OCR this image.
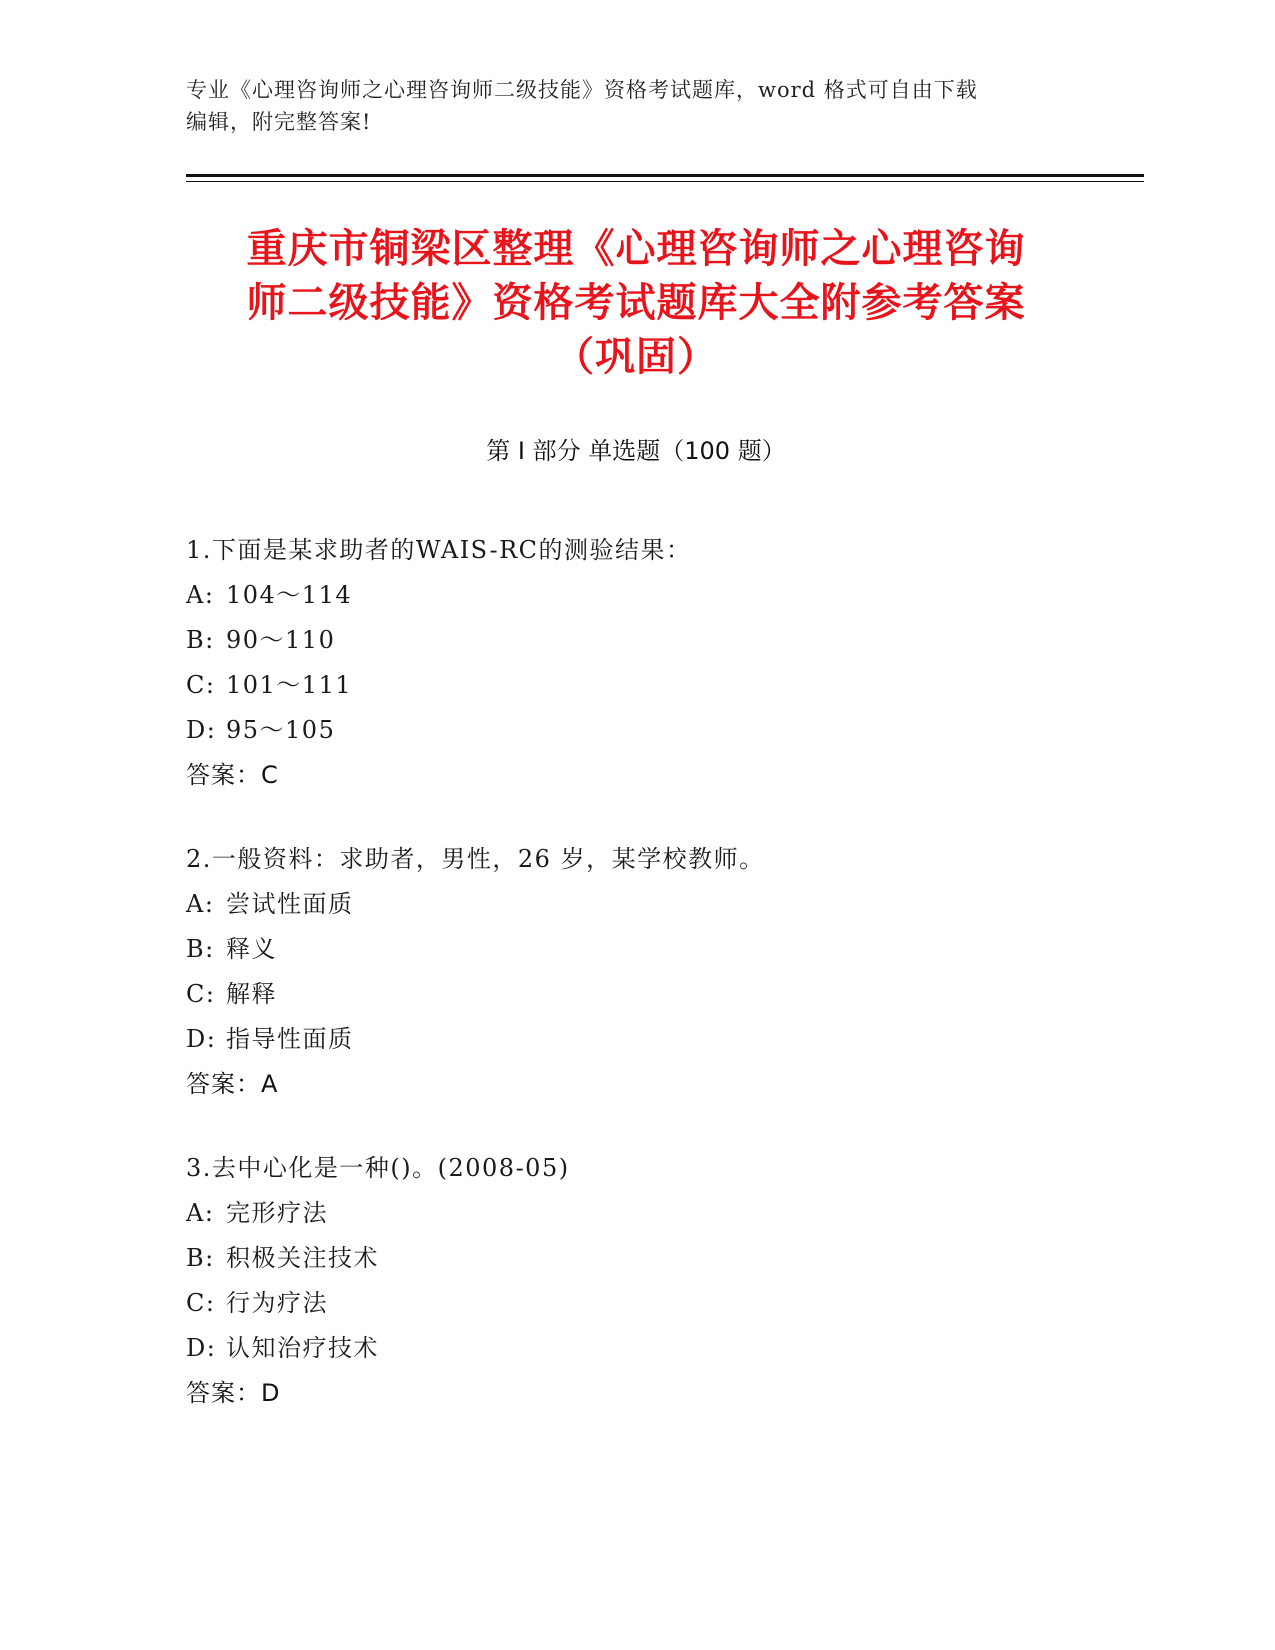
专业《心理咨询师之心理咨询师二级技能》资格考试题库，word 格式可自由下载
编辑，附完整答案!
重庆市铜梁区整理《心理咨询师之心理咨询
师二级技能》资格考试题库大全附参考答案
（巩固）
第 I 部分 单选题（100 题）
1.下面是某求助者的WAIS-RC的测验结果：
A: 104～114
B: 90～110
C: 101～111
D: 95～105
答案：C
2.一般资料：求助者，男性，26 岁，某学校教师。
A: 尝试性面质
B: 释义
C: 解释
D: 指导性面质
答案：A
3.去中心化是一种()。(2008-05)
A: 完形疗法
B: 积极关注技术
C: 行为疗法
D: 认知治疗技术
答案：D
